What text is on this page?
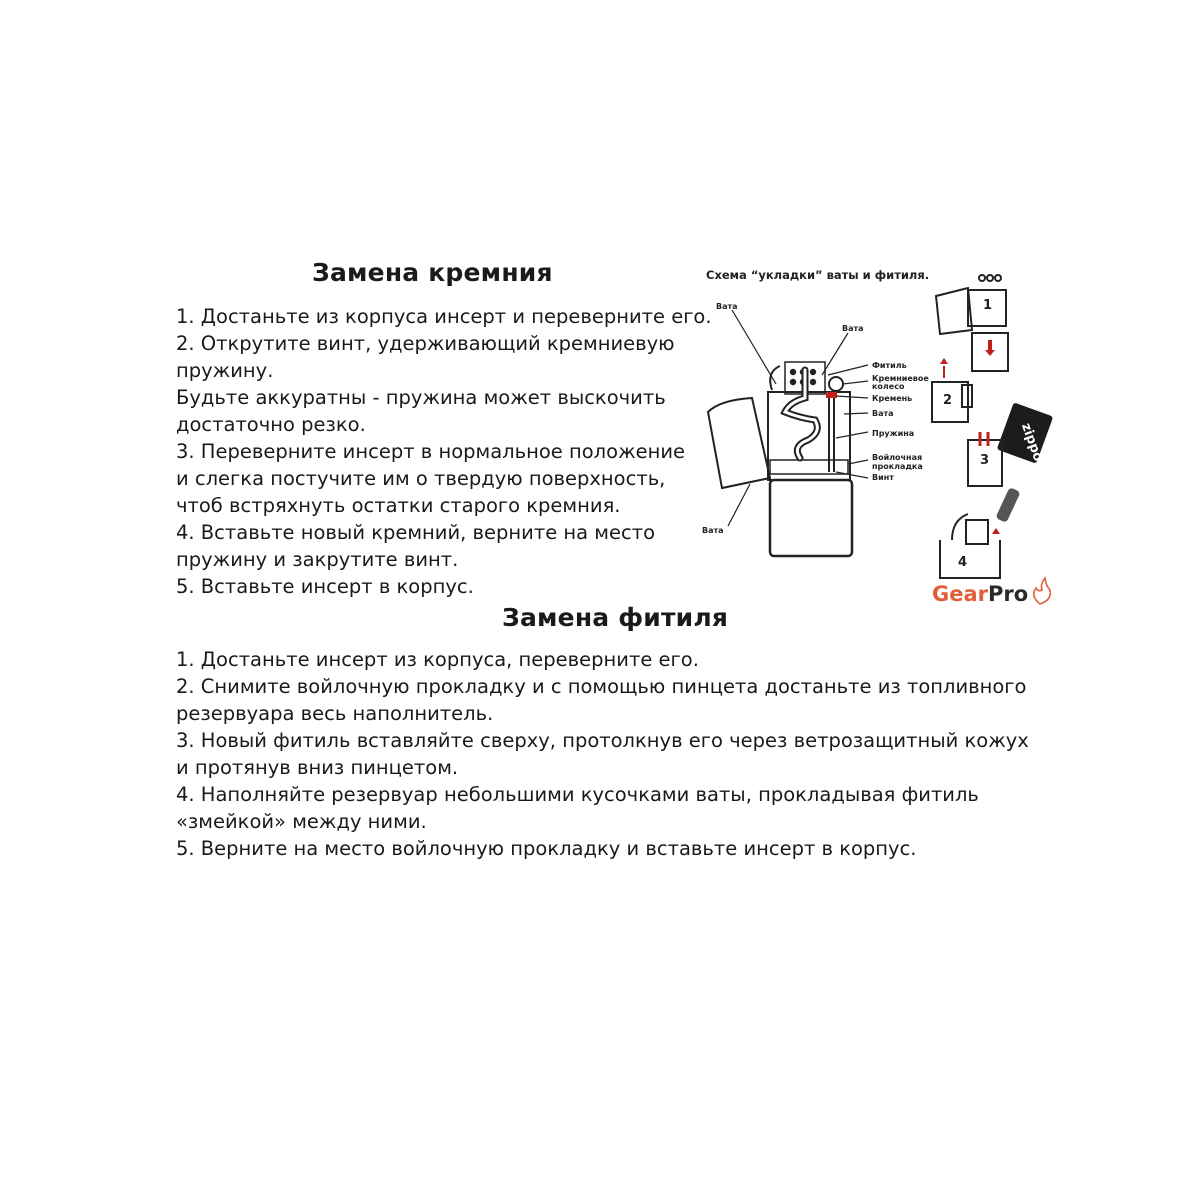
Замена кремния
1. Достаньте из корпуса инсерт и переверните его.
2. Открутите винт, удерживающий кремниевую
пружину.
Будьте аккуратны - пружина может выскочить
достаточно резко.
3. Переверните инсерт в нормальное положение
и слегка постучите им о твердую поверхность,
чтоб встряхнуть остатки старого кремния.
4. Вставьте новый кремний, верните на место
пружину и закрутите винт.
5. Вставьте инсерт в корпус.
Замена фитиля
1. Достаньте инсерт из корпуса, переверните его.
2. Снимите войлочную прокладку и с помощью пинцета достаньте из топливного
резервуара весь наполнитель.
3. Новый фитиль вставляйте сверху, протолкнув его через ветрозащитный кожух
и протянув вниз пинцетом.
4. Наполняйте резервуар небольшими кусочками ваты, прокладывая фитиль
«змейкой» между ними.
5. Верните на место войлочную прокладку и вставьте инсерт в корпус.
Схема “укладки” ваты и фитиля.
Вата
Вата
Фитиль
Кремниевое
колесо
Кремень
Вата
Пружина
Войлочная
прокладка
Винт
Вата
1
2
zippo
3
4
GearPro
